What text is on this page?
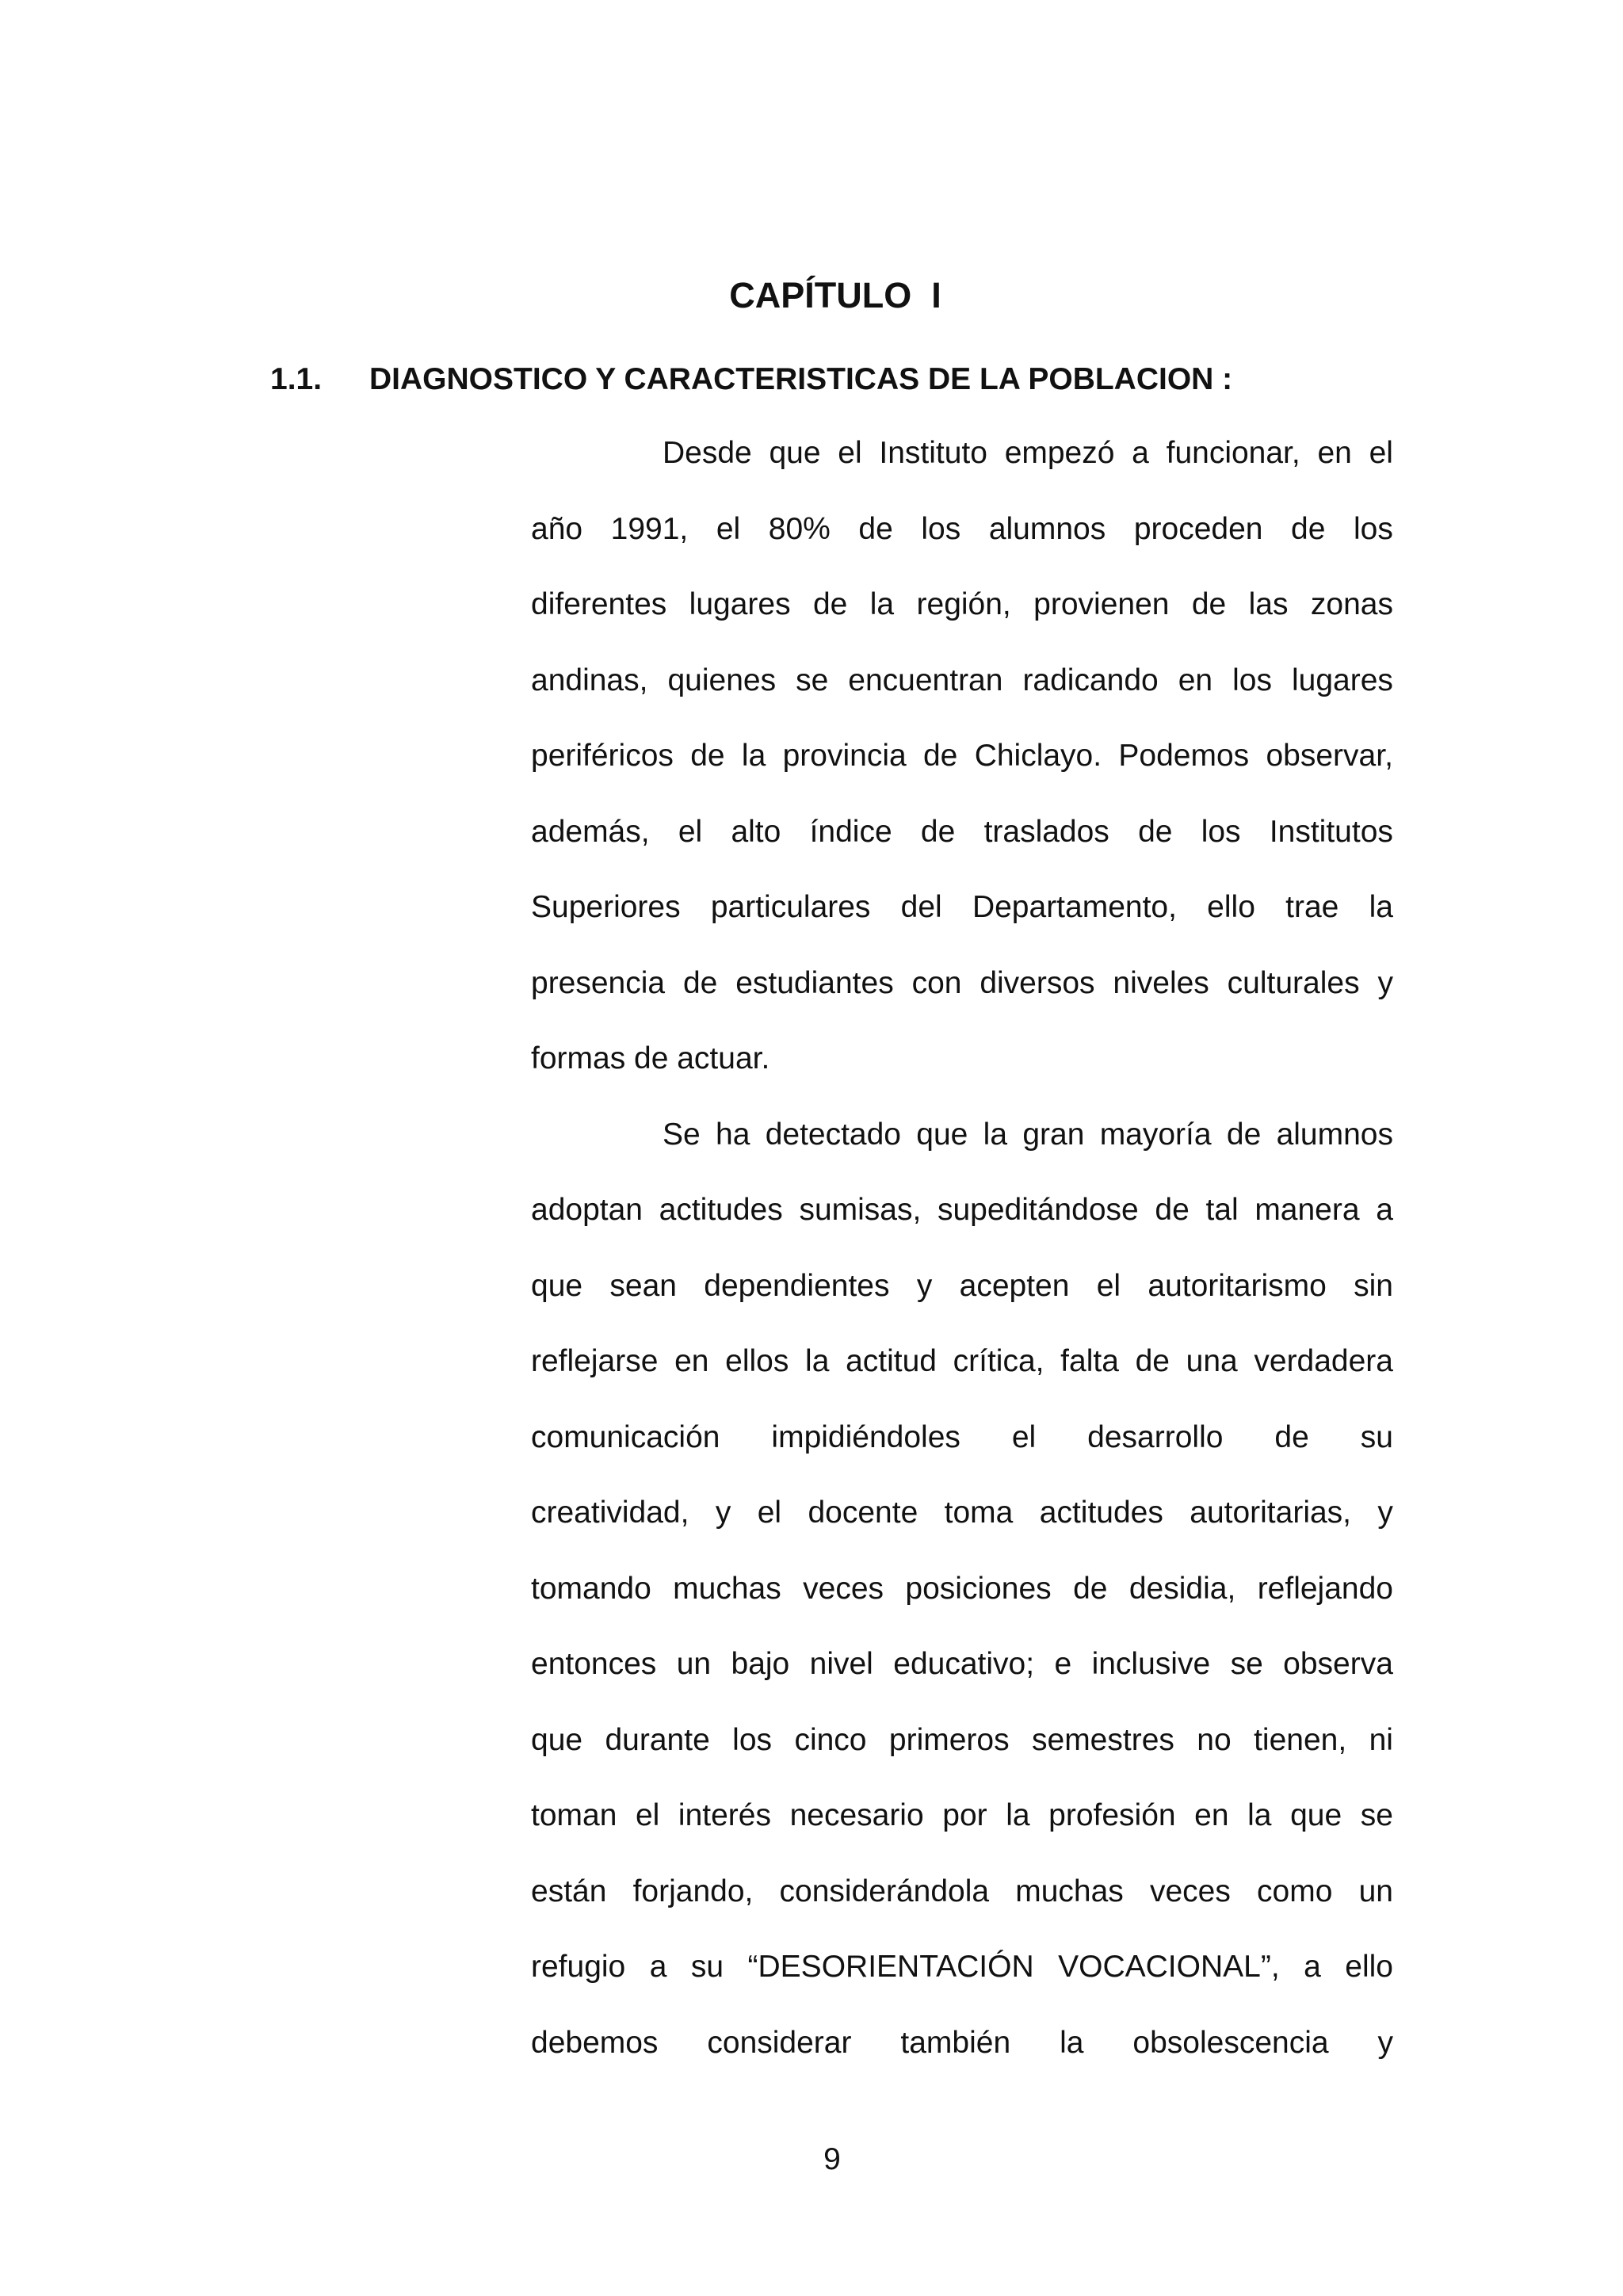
CAPÍTULO  I
1.1.	DIAGNOSTICO Y CARACTERISTICAS DE LA POBLACION :
Desde que el Instituto empezó a funcionar, en el
año 1991, el 80% de los alumnos proceden de los
diferentes lugares de la región, provienen de las zonas
andinas, quienes se encuentran radicando en los lugares
periféricos de la provincia de Chiclayo. Podemos observar,
además, el alto índice de traslados de los Institutos
Superiores particulares del Departamento, ello trae la
presencia de estudiantes con diversos niveles culturales y
formas de actuar.
Se ha detectado que la gran mayoría de alumnos
adoptan actitudes sumisas, supeditándose de tal manera a
que sean dependientes y acepten el autoritarismo sin
reflejarse en ellos la actitud crítica, falta de una verdadera
comunicación impidiéndoles el desarrollo de su
creatividad, y el docente toma actitudes autoritarias, y
tomando muchas veces posiciones de desidia, reflejando
entonces un bajo nivel educativo; e inclusive se observa
que durante los cinco primeros semestres no tienen, ni
toman el interés necesario por la profesión en la que se
están forjando, considerándola muchas veces como un
refugio a su “DESORIENTACIÓN VOCACIONAL”, a ello
debemos considerar también la obsolescencia y
9
